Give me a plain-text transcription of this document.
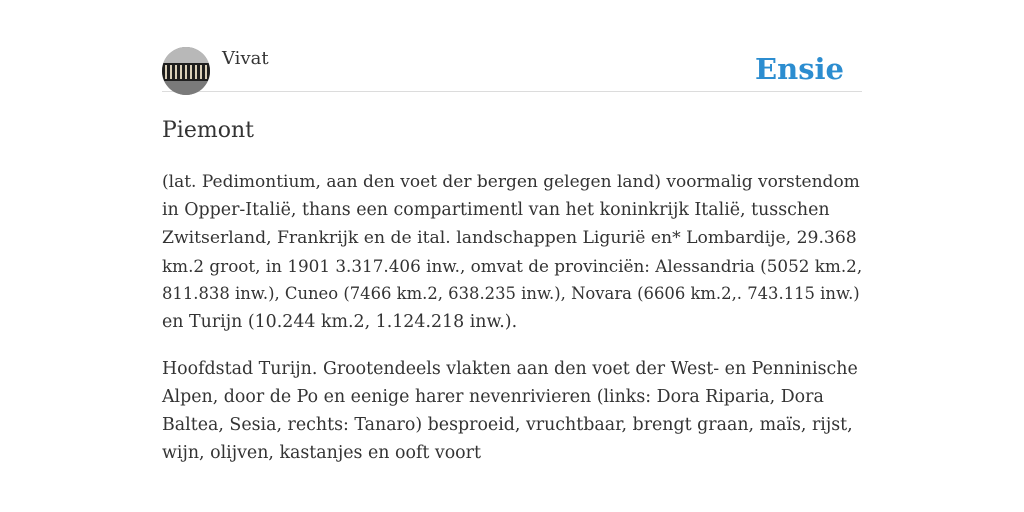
Vivat	Ensie
Piemont

(lat. Pedimontium, aan den voet der bergen gelegen land) voormalig vorstendom
in Opper-Italië, thans een compartimentl van het koninkrijk Italië, tusschen
Zwitserland, Frankrijk en de ital. landschappen Ligurië en* Lombardije, 29.368
km.2 groot, in 1901 3.317.406 inw., omvat de provinciën: Alessandria (5052 km.2,
811.838 inw.), Cuneo (7466 km.2, 638.235 inw.), Novara (6606 km.2,. 743.115 inw.)
en Turijn (10.244 km.2, 1.124.218 inw.).

Hoofdstad Turijn. Grootendeels vlakten aan den voet der West- en Penninische
Alpen, door de Po en eenige harer nevenrivieren (links: Dora Riparia, Dora
Baltea, Sesia, rechts: Tanaro) besproeid, vruchtbaar, brengt graan, maïs, rijst,
wijn, olijven, kastanjes en ooft voort
